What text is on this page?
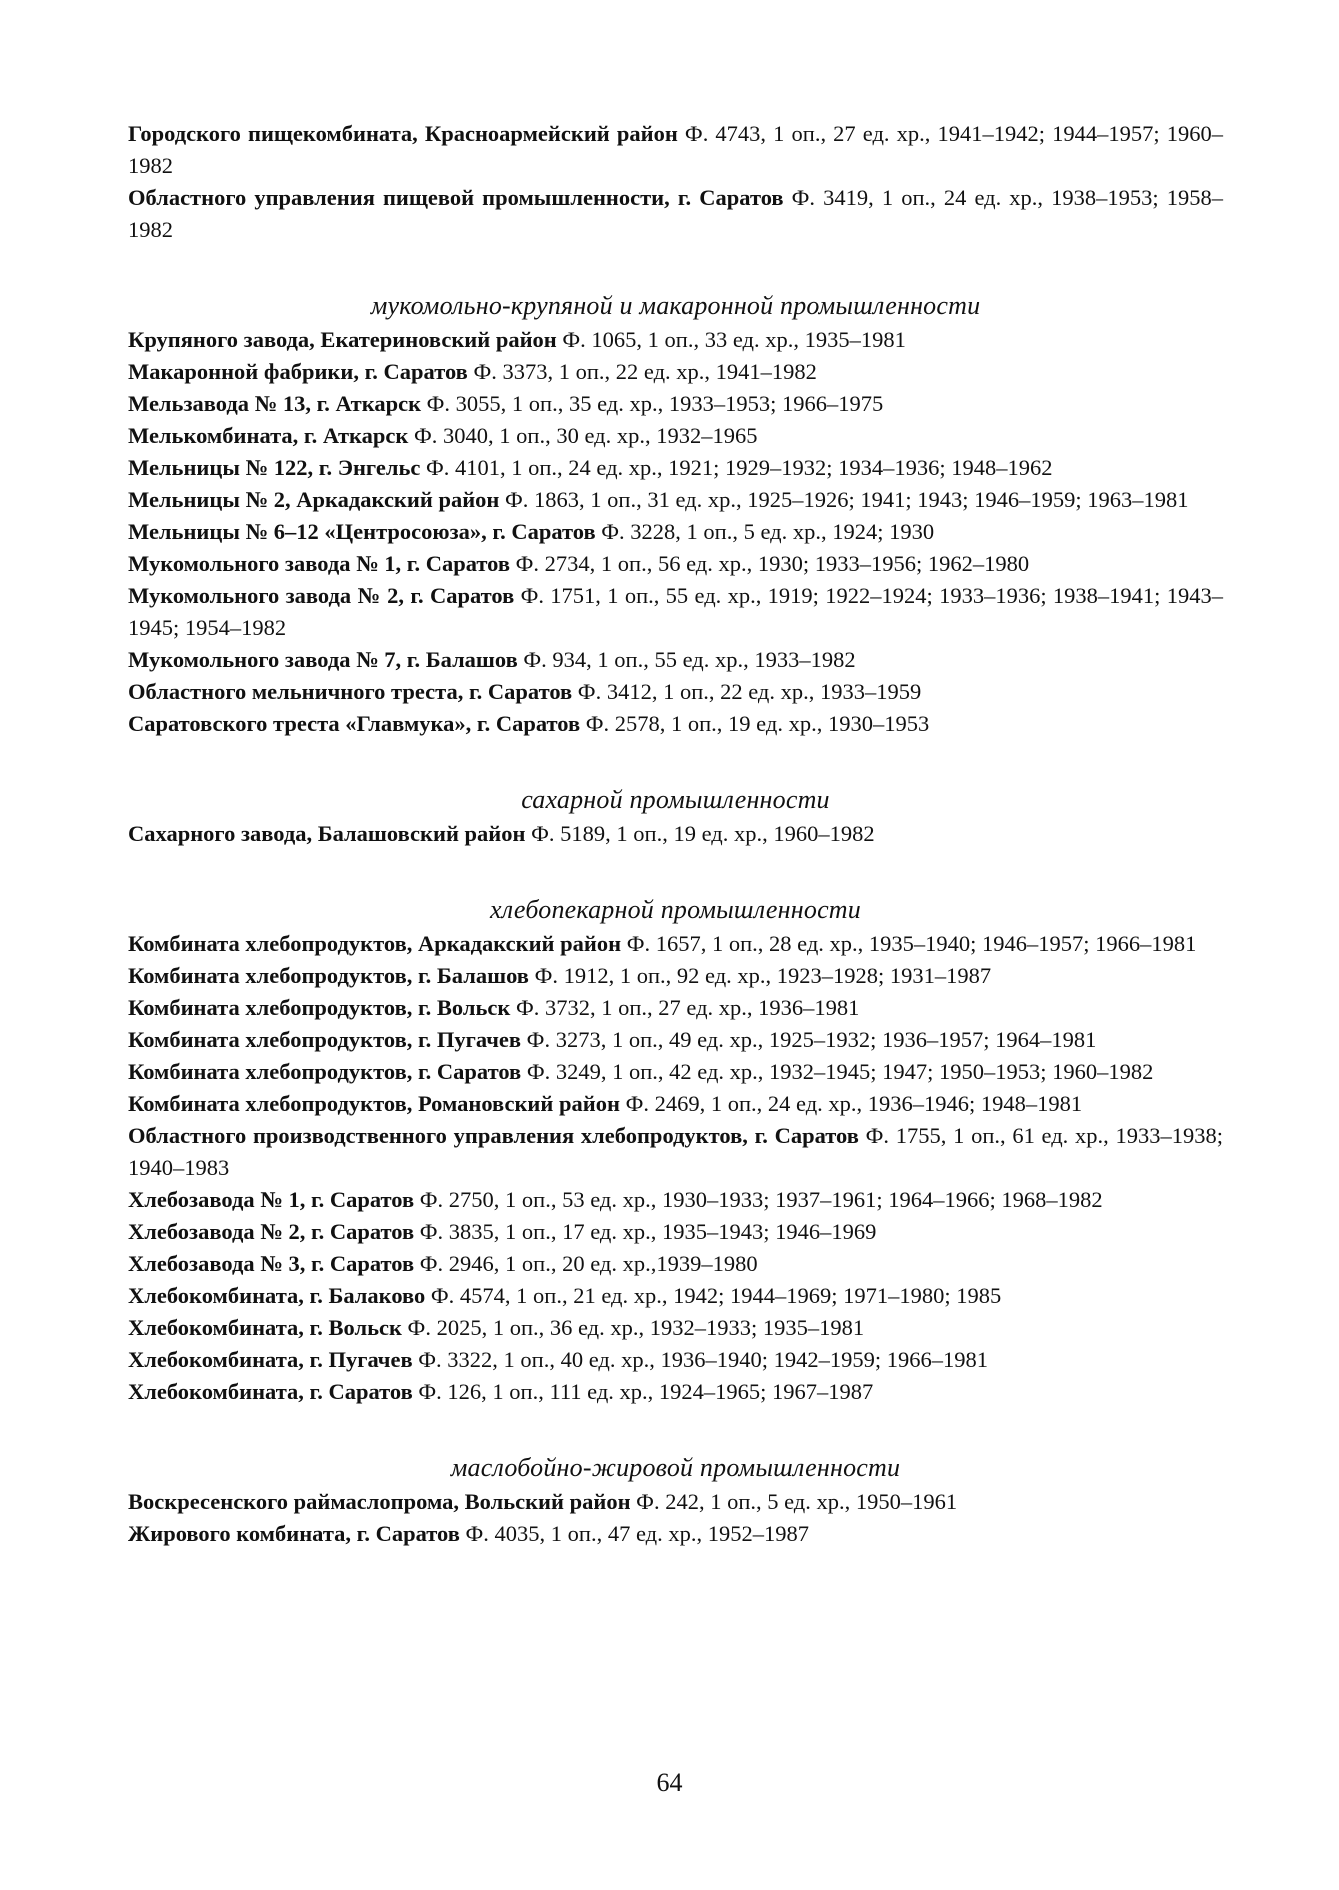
Городского пищекомбината, Красноармейский район Ф. 4743, 1 оп., 27 ед. хр., 1941–1942; 1944–1957; 1960–1982

Областного управления пищевой промышленности, г. Саратов Ф. 3419, 1 оп., 24 ед. хр., 1938–1953; 1958–1982

мукомольно-крупяной и макаронной промышленности

Крупяного завода, Екатериновский район Ф. 1065, 1 оп., 33 ед. хр., 1935–1981

Макаронной фабрики, г. Саратов Ф. 3373, 1 оп., 22 ед. хр., 1941–1982

Мельзавода № 13, г. Аткарск Ф. 3055, 1 оп., 35 ед. хр., 1933–1953; 1966–1975

Мелькомбината, г. Аткарск Ф. 3040, 1 оп., 30 ед. хр., 1932–1965

Мельницы № 122, г. Энгельс Ф. 4101, 1 оп., 24 ед. хр., 1921; 1929–1932; 1934–1936; 1948–1962

Мельницы № 2, Аркадакский район Ф. 1863, 1 оп., 31 ед. хр., 1925–1926; 1941; 1943; 1946–1959; 1963–1981

Мельницы № 6–12 «Центросоюза», г. Саратов Ф. 3228, 1 оп., 5 ед. хр., 1924; 1930

Мукомольного завода № 1, г. Саратов Ф. 2734, 1 оп., 56 ед. хр., 1930; 1933–1956; 1962–1980

Мукомольного завода № 2, г. Саратов Ф. 1751, 1 оп., 55 ед. хр., 1919; 1922–1924; 1933–1936; 1938–1941; 1943–1945; 1954–1982

Мукомольного завода № 7, г. Балашов Ф. 934, 1 оп., 55 ед. хр., 1933–1982

Областного мельничного треста, г. Саратов Ф. 3412, 1 оп., 22 ед. хр., 1933–1959

Саратовского треста «Главмука», г. Саратов Ф. 2578, 1 оп., 19 ед. хр., 1930–1953

сахарной промышленности

Сахарного завода, Балашовский район Ф. 5189, 1 оп., 19 ед. хр., 1960–1982

хлебопекарной промышленности

Комбината хлебопродуктов, Аркадакский район Ф. 1657, 1 оп., 28 ед. хр., 1935–1940; 1946–1957; 1966–1981

Комбината хлебопродуктов, г. Балашов Ф. 1912, 1 оп., 92 ед. хр., 1923–1928; 1931–1987

Комбината хлебопродуктов, г. Вольск Ф. 3732, 1 оп., 27 ед. хр., 1936–1981

Комбината хлебопродуктов, г. Пугачев Ф. 3273, 1 оп., 49 ед. хр., 1925–1932; 1936–1957; 1964–1981

Комбината хлебопродуктов, г. Саратов Ф. 3249, 1 оп., 42 ед. хр., 1932–1945; 1947; 1950–1953; 1960–1982

Комбината хлебопродуктов, Романовский район Ф. 2469, 1 оп., 24 ед. хр., 1936–1946; 1948–1981

Областного производственного управления хлебопродуктов, г. Саратов Ф. 1755, 1 оп., 61 ед. хр., 1933–1938; 1940–1983

Хлебозавода № 1, г. Саратов Ф. 2750, 1 оп., 53 ед. хр., 1930–1933; 1937–1961; 1964–1966; 1968–1982

Хлебозавода № 2, г. Саратов Ф. 3835, 1 оп., 17 ед. хр., 1935–1943; 1946–1969

Хлебозавода № 3, г. Саратов Ф. 2946, 1 оп., 20 ед. хр.,1939–1980

Хлебокомбината, г. Балаково Ф. 4574, 1 оп., 21 ед. хр., 1942; 1944–1969; 1971–1980; 1985

Хлебокомбината, г. Вольск Ф. 2025, 1 оп., 36 ед. хр., 1932–1933; 1935–1981

Хлебокомбината, г. Пугачев Ф. 3322, 1 оп., 40 ед. хр., 1936–1940; 1942–1959; 1966–1981

Хлебокомбината, г. Саратов Ф. 126, 1 оп., 111 ед. хр., 1924–1965; 1967–1987

маслобойно-жировой промышленности

Воскресенского раймаслопрома, Вольский район Ф. 242, 1 оп., 5 ед. хр., 1950–1961

Жирового комбината, г. Саратов Ф. 4035, 1 оп., 47 ед. хр., 1952–1987

64
